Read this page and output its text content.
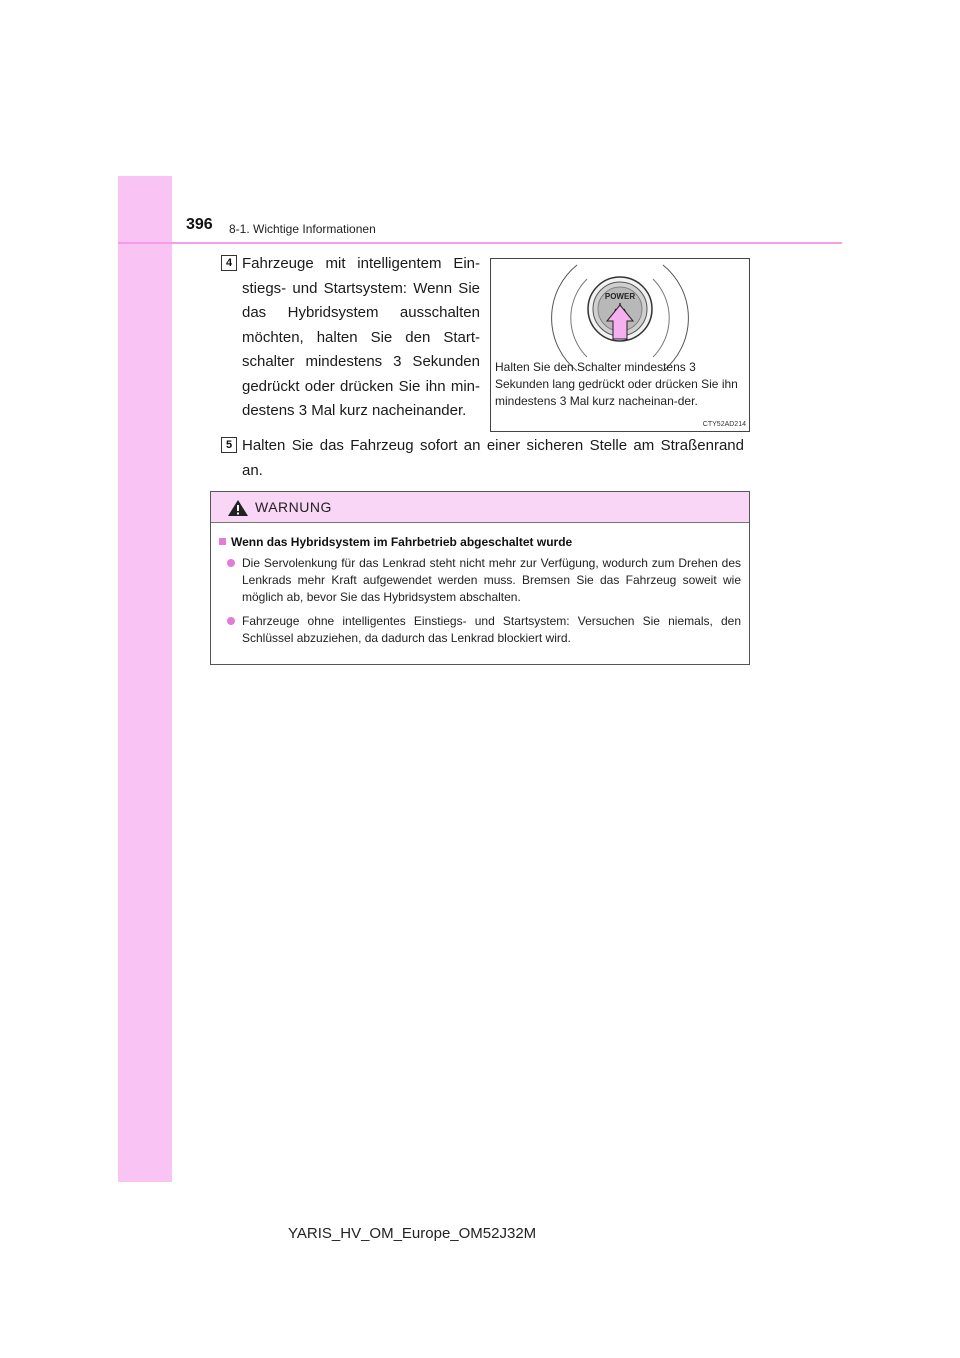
396 8-1. Wichtige Informationen
4 Fahrzeuge mit intelligentem Ein-stiegs- und Startsystem: Wenn Sie das Hybridsystem ausschalten möchten, halten Sie den Start-schalter mindestens 3 Sekunden gedrückt oder drücken Sie ihn min-destens 3 Mal kurz nacheinander.
POWER
Halten Sie den Schalter mindestens 3 Sekunden lang gedrückt oder drücken Sie ihn mindestens 3 Mal kurz nacheinan-der.
CTY52AD214
5 Halten Sie das Fahrzeug sofort an einer sicheren Stelle am Straßenrand an.
WARNUNG
Wenn das Hybridsystem im Fahrbetrieb abgeschaltet wurde
Die Servolenkung für das Lenkrad steht nicht mehr zur Verfügung, wodurch zum Drehen des Lenkrads mehr Kraft aufgewendet werden muss. Bremsen Sie das Fahrzeug soweit wie möglich ab, bevor Sie das Hybridsystem abschalten.
Fahrzeuge ohne intelligentes Einstiegs- und Startsystem: Versuchen Sie niemals, den Schlüssel abzuziehen, da dadurch das Lenkrad blockiert wird.
YARIS_HV_OM_Europe_OM52J32M
